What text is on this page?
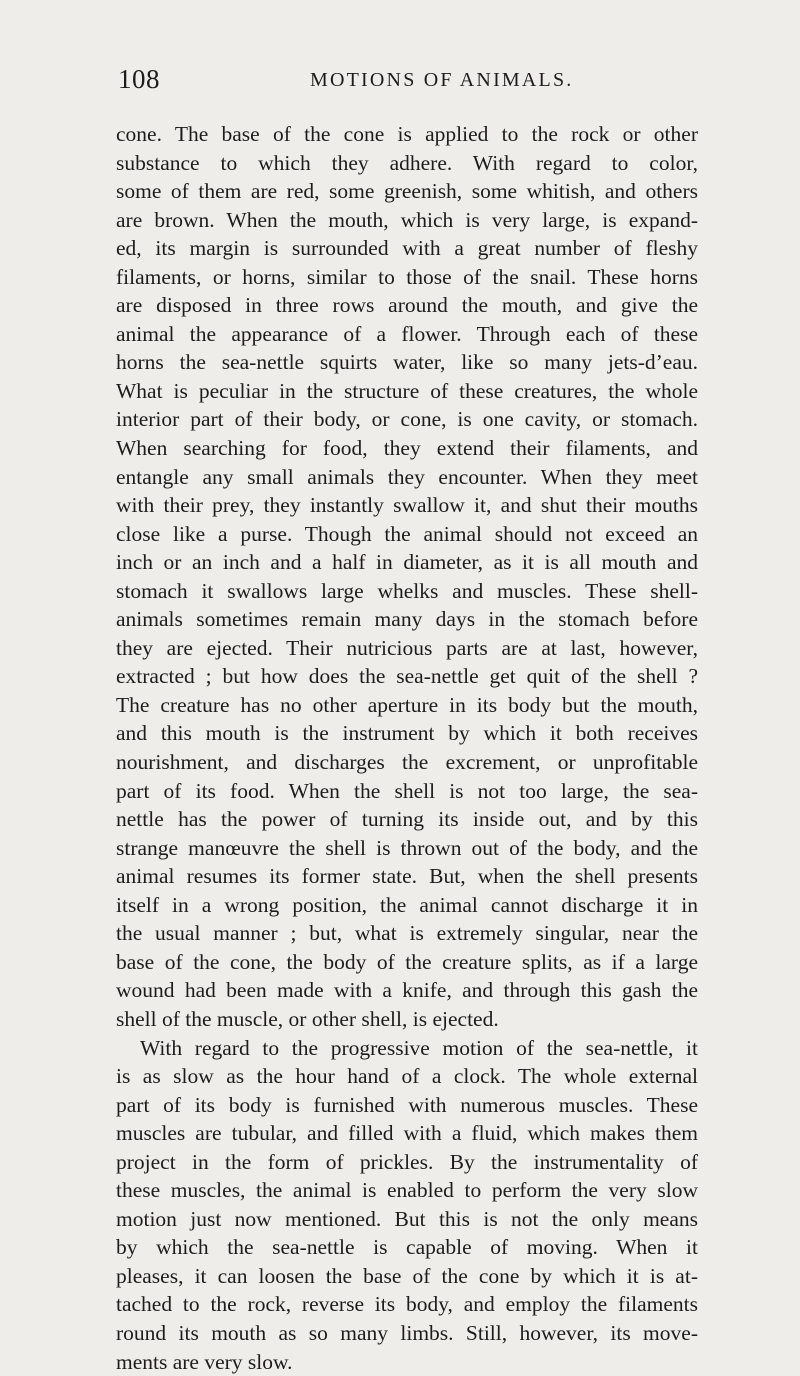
108	MOTIONS OF ANIMALS.
cone. The base of the cone is applied to the rock or other
substance to which they adhere. With regard to color,
some of them are red, some greenish, some whitish, and others
are brown. When the mouth, which is very large, is expand-
ed, its margin is surrounded with a great number of fleshy
filaments, or horns, similar to those of the snail. These horns
are disposed in three rows around the mouth, and give the
animal the appearance of a flower. Through each of these
horns the sea-nettle squirts water, like so many jets-d’eau.
What is peculiar in the structure of these creatures, the whole
interior part of their body, or cone, is one cavity, or stomach.
When searching for food, they extend their filaments, and
entangle any small animals they encounter. When they meet
with their prey, they instantly swallow it, and shut their mouths
close like a purse. Though the animal should not exceed an
inch or an inch and a half in diameter, as it is all mouth and
stomach it swallows large whelks and muscles. These shell-
animals sometimes remain many days in the stomach before
they are ejected. Their nutricious parts are at last, however,
extracted ; but how does the sea-nettle get quit of the shell ?
The creature has no other aperture in its body but the mouth,
and this mouth is the instrument by which it both receives
nourishment, and discharges the excrement, or unprofitable
part of its food. When the shell is not too large, the sea-
nettle has the power of turning its inside out, and by this
strange manœuvre the shell is thrown out of the body, and the
animal resumes its former state. But, when the shell presents
itself in a wrong position, the animal cannot discharge it in
the usual manner ; but, what is extremely singular, near the
base of the cone, the body of the creature splits, as if a large
wound had been made with a knife, and through this gash the
shell of the muscle, or other shell, is ejected.
With regard to the progressive motion of the sea-nettle, it
is as slow as the hour hand of a clock. The whole external
part of its body is furnished with numerous muscles. These
muscles are tubular, and filled with a fluid, which makes them
project in the form of prickles. By the instrumentality of
these muscles, the animal is enabled to perform the very slow
motion just now mentioned. But this is not the only means
by which the sea-nettle is capable of moving. When it
pleases, it can loosen the base of the cone by which it is at-
tached to the rock, reverse its body, and employ the filaments
round its mouth as so many limbs. Still, however, its move-
ments are very slow.
